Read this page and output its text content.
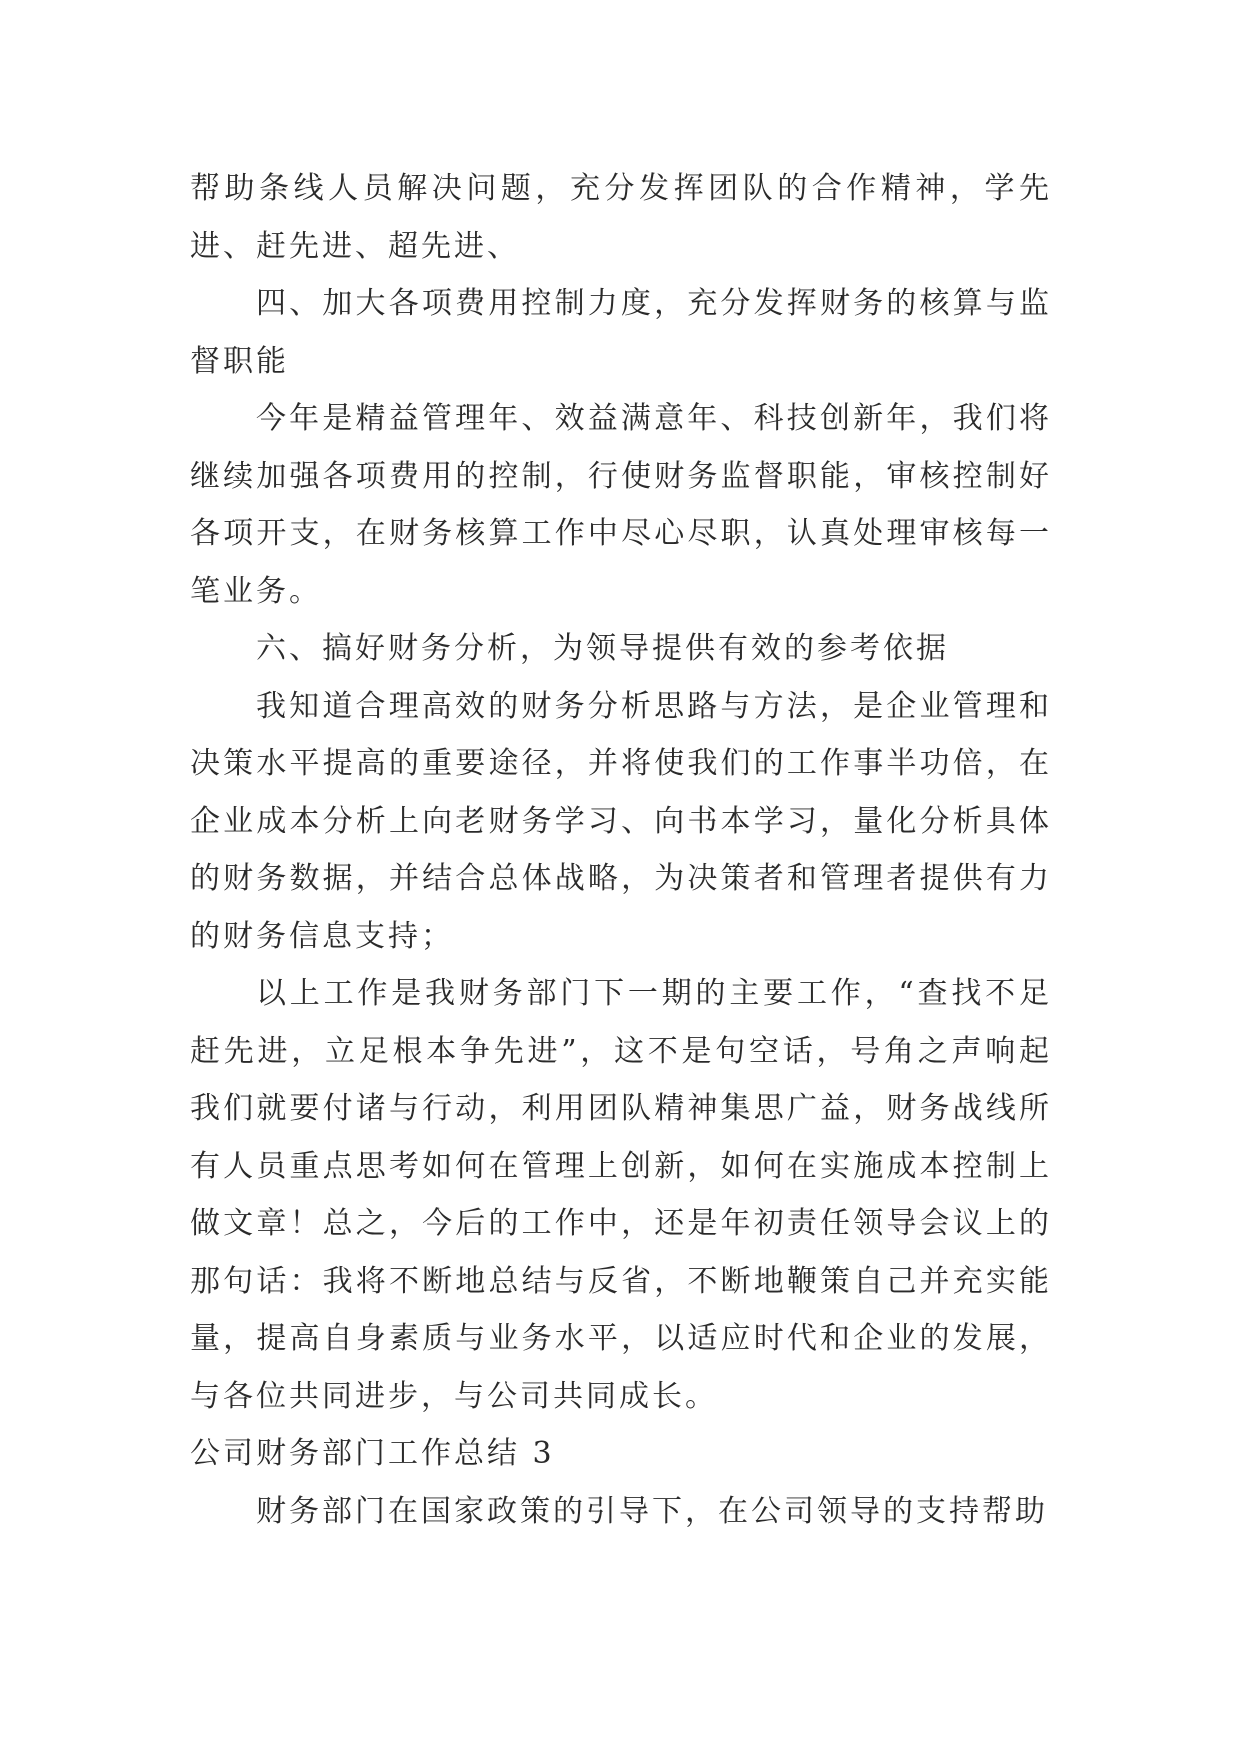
帮助条线人员解决问题，充分发挥团队的合作精神，学先进、赶先进、超先进、

四、加大各项费用控制力度，充分发挥财务的核算与监督职能

今年是精益管理年、效益满意年、科技创新年，我们将继续加强各项费用的控制，行使财务监督职能，审核控制好各项开支，在财务核算工作中尽心尽职，认真处理审核每一笔业务。

六、搞好财务分析，为领导提供有效的参考依据

我知道合理高效的财务分析思路与方法，是企业管理和决策水平提高的重要途径，并将使我们的工作事半功倍，在企业成本分析上向老财务学习、向书本学习，量化分析具体的财务数据，并结合总体战略，为决策者和管理者提供有力的财务信息支持；

以上工作是我财务部门下一期的主要工作，“查找不足赶先进，立足根本争先进”，这不是句空话，号角之声响起我们就要付诸与行动，利用团队精神集思广益，财务战线所有人员重点思考如何在管理上创新，如何在实施成本控制上做文章！总之，今后的工作中，还是年初责任领导会议上的那句话：我将不断地总结与反省，不断地鞭策自己并充实能量，提高自身素质与业务水平，以适应时代和企业的发展，与各位共同进步，与公司共同成长。

公司财务部门工作总结 3

财务部门在国家政策的引导下，在公司领导的支持帮助
